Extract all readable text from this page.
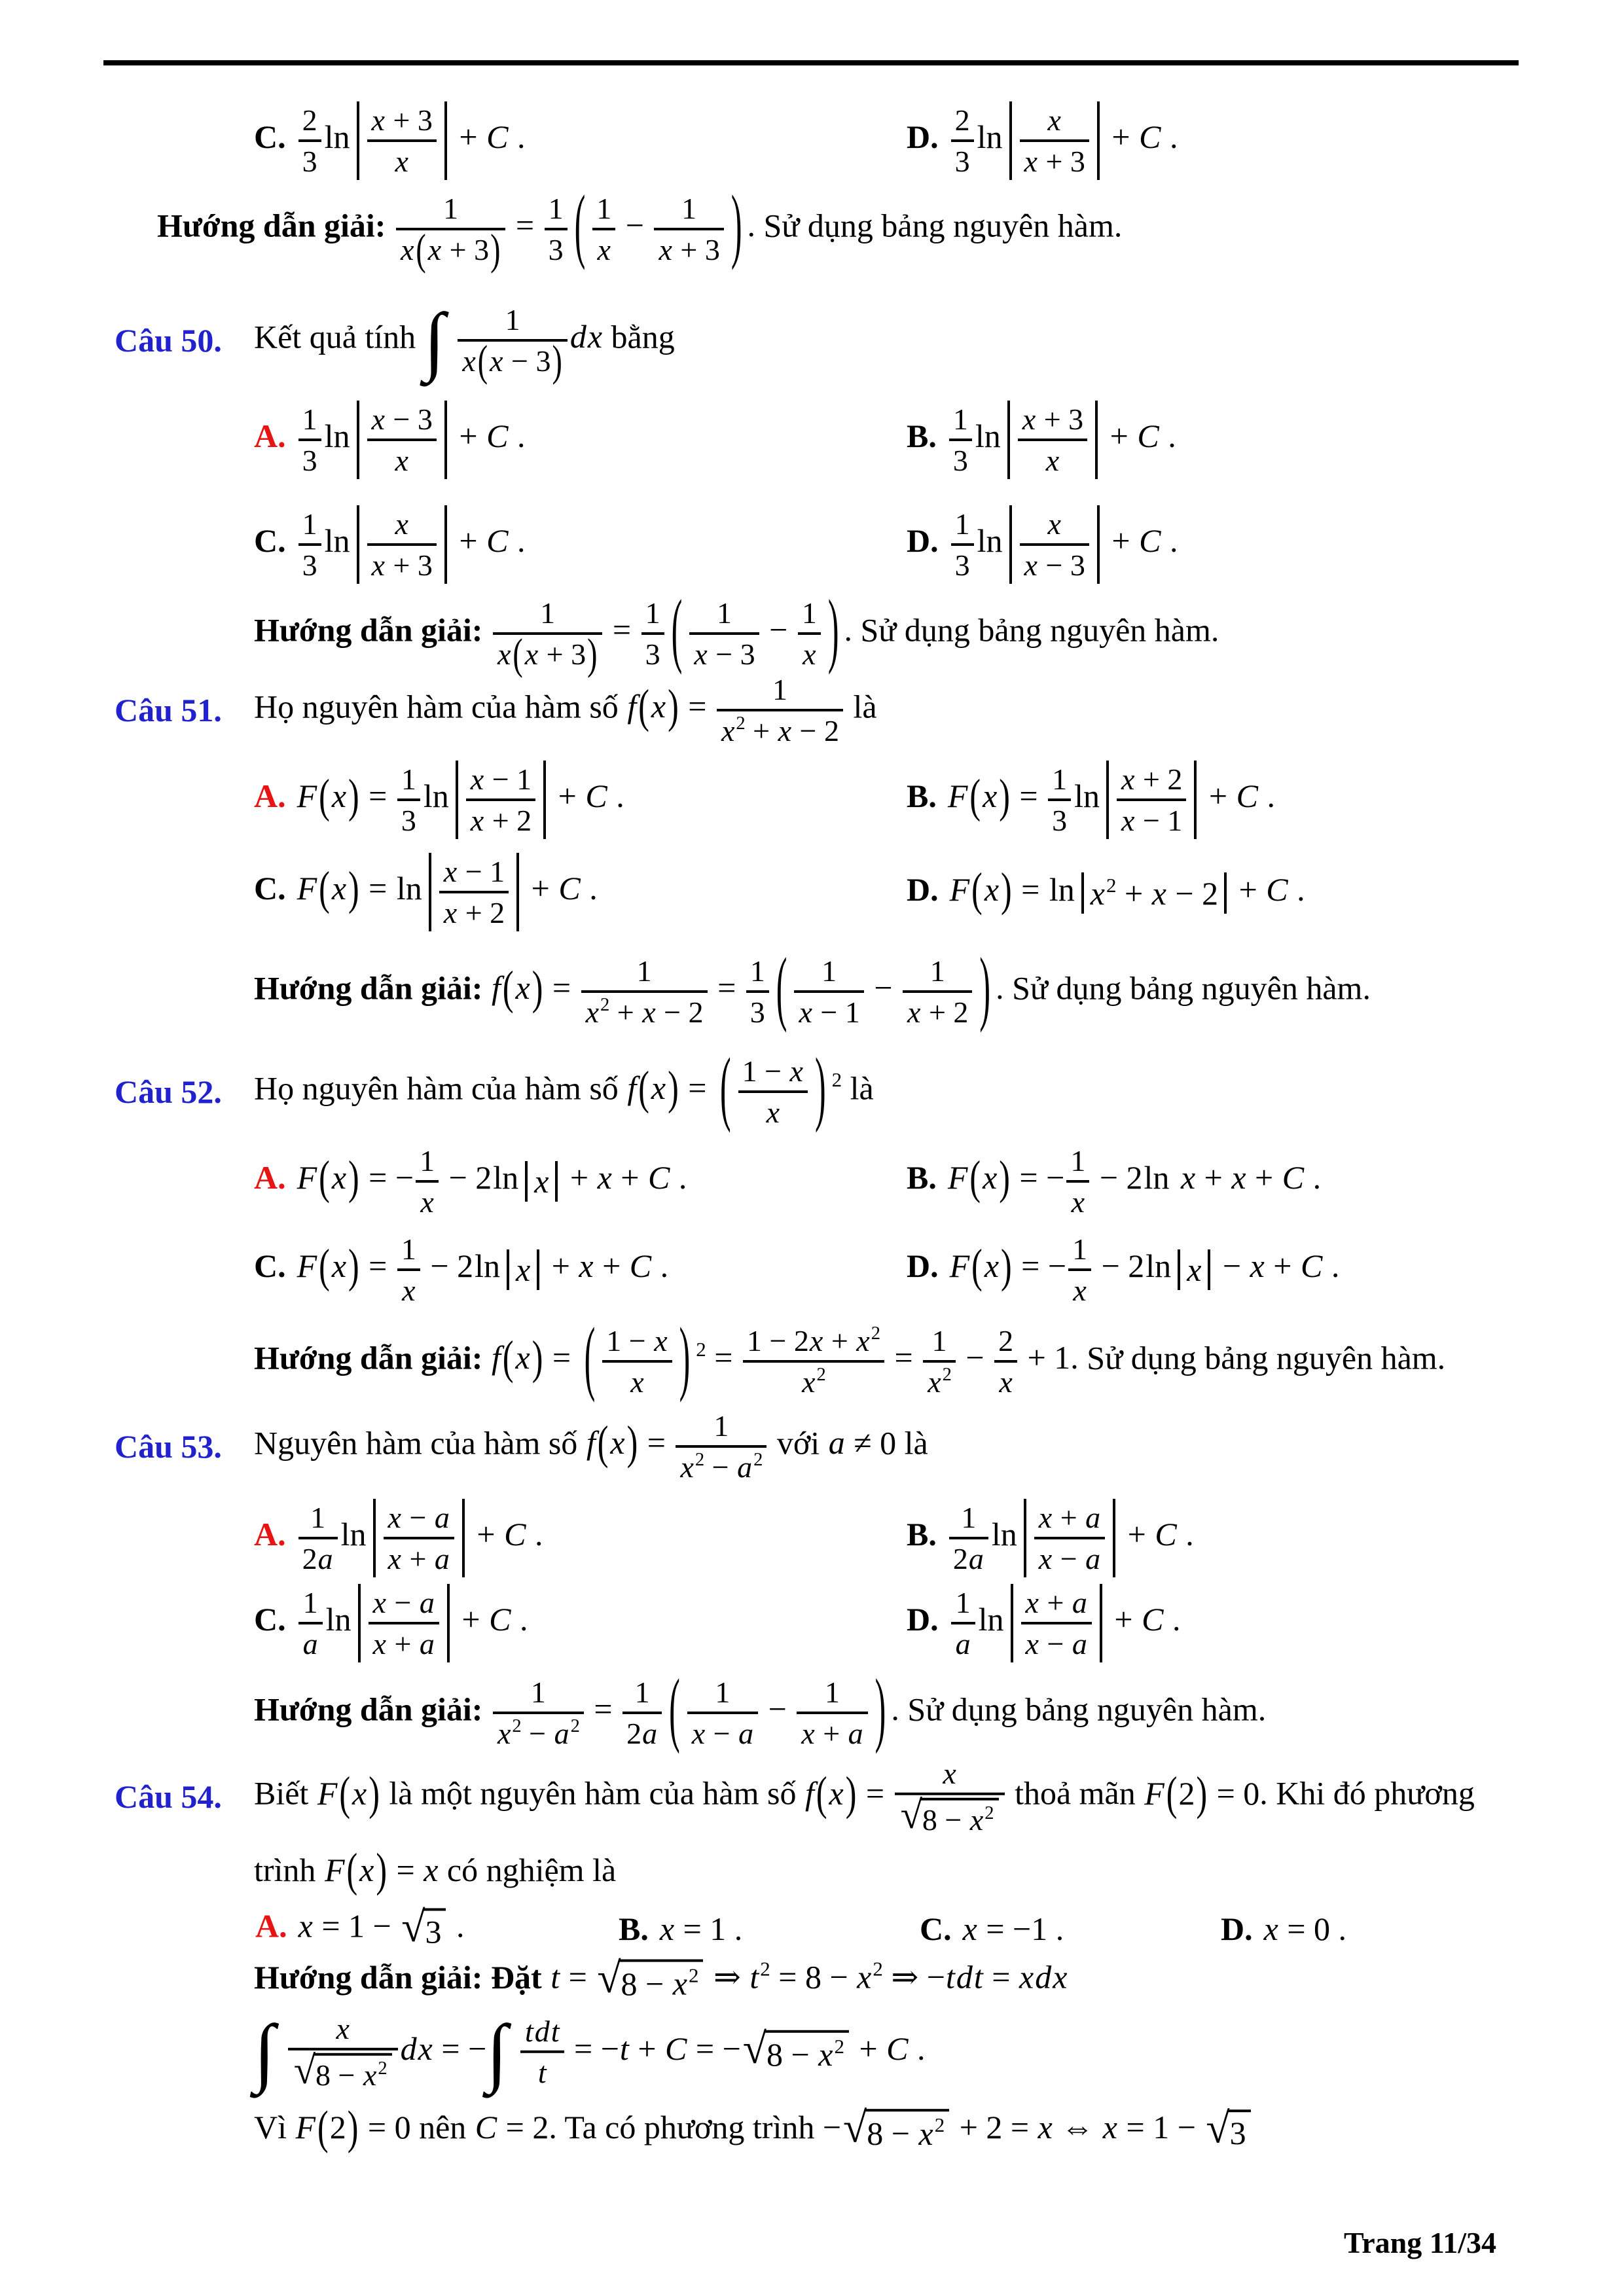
C. $\frac{2}{3}$ $\ln \frac{x + 3}{x} + C$ .	D. $\frac{2}{3}$ $\ln \frac{x}{x + 3} + C$ .
Hướng dẫn giải: $\frac{1}{x(x + 3)} = \frac{1}{3}$ ( $\frac{1}{x} - \frac{1}{x + 3}$ ) . Sử dụng bảng nguyên hàm.
Câu 50. Kết quả tính ∫ $\frac{1}{x(x - 3)}$ dx bằng
A. $\frac{1}{3}$ $\ln \frac{x - 3}{x} + C$ .	B. $\frac{1}{3}$ $\ln \frac{x + 3}{x} + C$ .
C. $\frac{1}{3}$ $\ln \frac{x}{x + 3} + C$ .	D. $\frac{1}{3}$ $\ln \frac{x}{x - 3} + C$ .
Hướng dẫn giải: $\frac{1}{x(x + 3)} = \frac{1}{3}$ ( $\frac{1}{x - 3} - \frac{1}{x}$ ) . Sử dụng bảng nguyên hàm.
Câu 51. Họ nguyên hàm của hàm số $f(x) = \frac{1}{x^2 + x - 2}$ là
A. $F(x) = \frac{1}{3}$ $\ln \frac{x - 1}{x + 2} + C$ .	B. $F(x) = \frac{1}{3}$ $\ln \frac{x + 2}{x - 1} + C$ .
C. $F(x) = \ln \frac{x - 1}{x + 2} + C$ .	D. $F(x) = \ln x^2 + x - 2 + C$ .
Hướng dẫn giải: $f(x) = \frac{1}{x^2 + x - 2} = \frac{1}{3}$ ( $\frac{1}{x - 1} - \frac{1}{x + 2}$ ) . Sử dụng bảng nguyên hàm.
Câu 52. Họ nguyên hàm của hàm số f(x) = ( $\frac{1 - x}{x}$ ) $^2$ là
A. F(x) = − $\frac{1}{x} - 2\ln$ x + x + C .	B. F(x) = − $\frac{1}{x} - 2\ln$ x + x + C .
C. $F(x) = \frac{1}{x} - 2\ln$ x + x + C .	D. F(x) = − $\frac{1}{x} - 2\ln$ x − x + C .
Hướng dẫn giải: f(x) = ( $\frac{1 - x}{x}$ ) $^2 = \frac{1 - 2x + x^2}{x^2} = \frac{1}{x^2} - \frac{2}{x} + 1$. Sử dụng bảng nguyên hàm.
Câu 53. Nguyên hàm của hàm số $f(x) = \frac{1}{x^2 - a^2}$ với a ≠ 0 là
A. $\frac{1}{2a}$ $\ln \frac{x - a}{x + a} + C$ .	B. $\frac{1}{2a}$ $\ln \frac{x + a}{x - a} + C$ .
C. $\frac{1}{a}$ $\ln \frac{x - a}{x + a} + C$ .	D. $\frac{1}{a}$ $\ln \frac{x + a}{x - a} + C$ .
Hướng dẫn giải: $\frac{1}{x^2 - a^2} = \frac{1}{2a}$ ( $\frac{1}{x - a} - \frac{1}{x + a}$ ) . Sử dụng bảng nguyên hàm.
Câu 54. Biết F(x) là một nguyên hàm của hàm số $f(x) = \frac{x}{√ 8 - x^2}$ thoả mãn F(2) = 0. Khi đó phương
trình F(x) = x có nghiệm là
A. x = 1 − √ 3 .	B. x = 1 .	C. x = −1 .	D. x = 0 .
Hướng dẫn giải: Đặt t = √ $8 - x^2$ ⇒ $t^2 = 8 - x^2$ ⇒ −tdt = xdx
∫ $\frac{x}{√ 8 - x^2}$ dx = −∫ $\frac{\text{tdt}}{t} = -t + C$ = − √ $8 - x^2 + C$ .
Vì F(2) = 0 nên C = 2. Ta có phương trình − √ $8 - x^2 + 2 = x$ ⇔ x = 1 − √ 3
Trang 11/34
